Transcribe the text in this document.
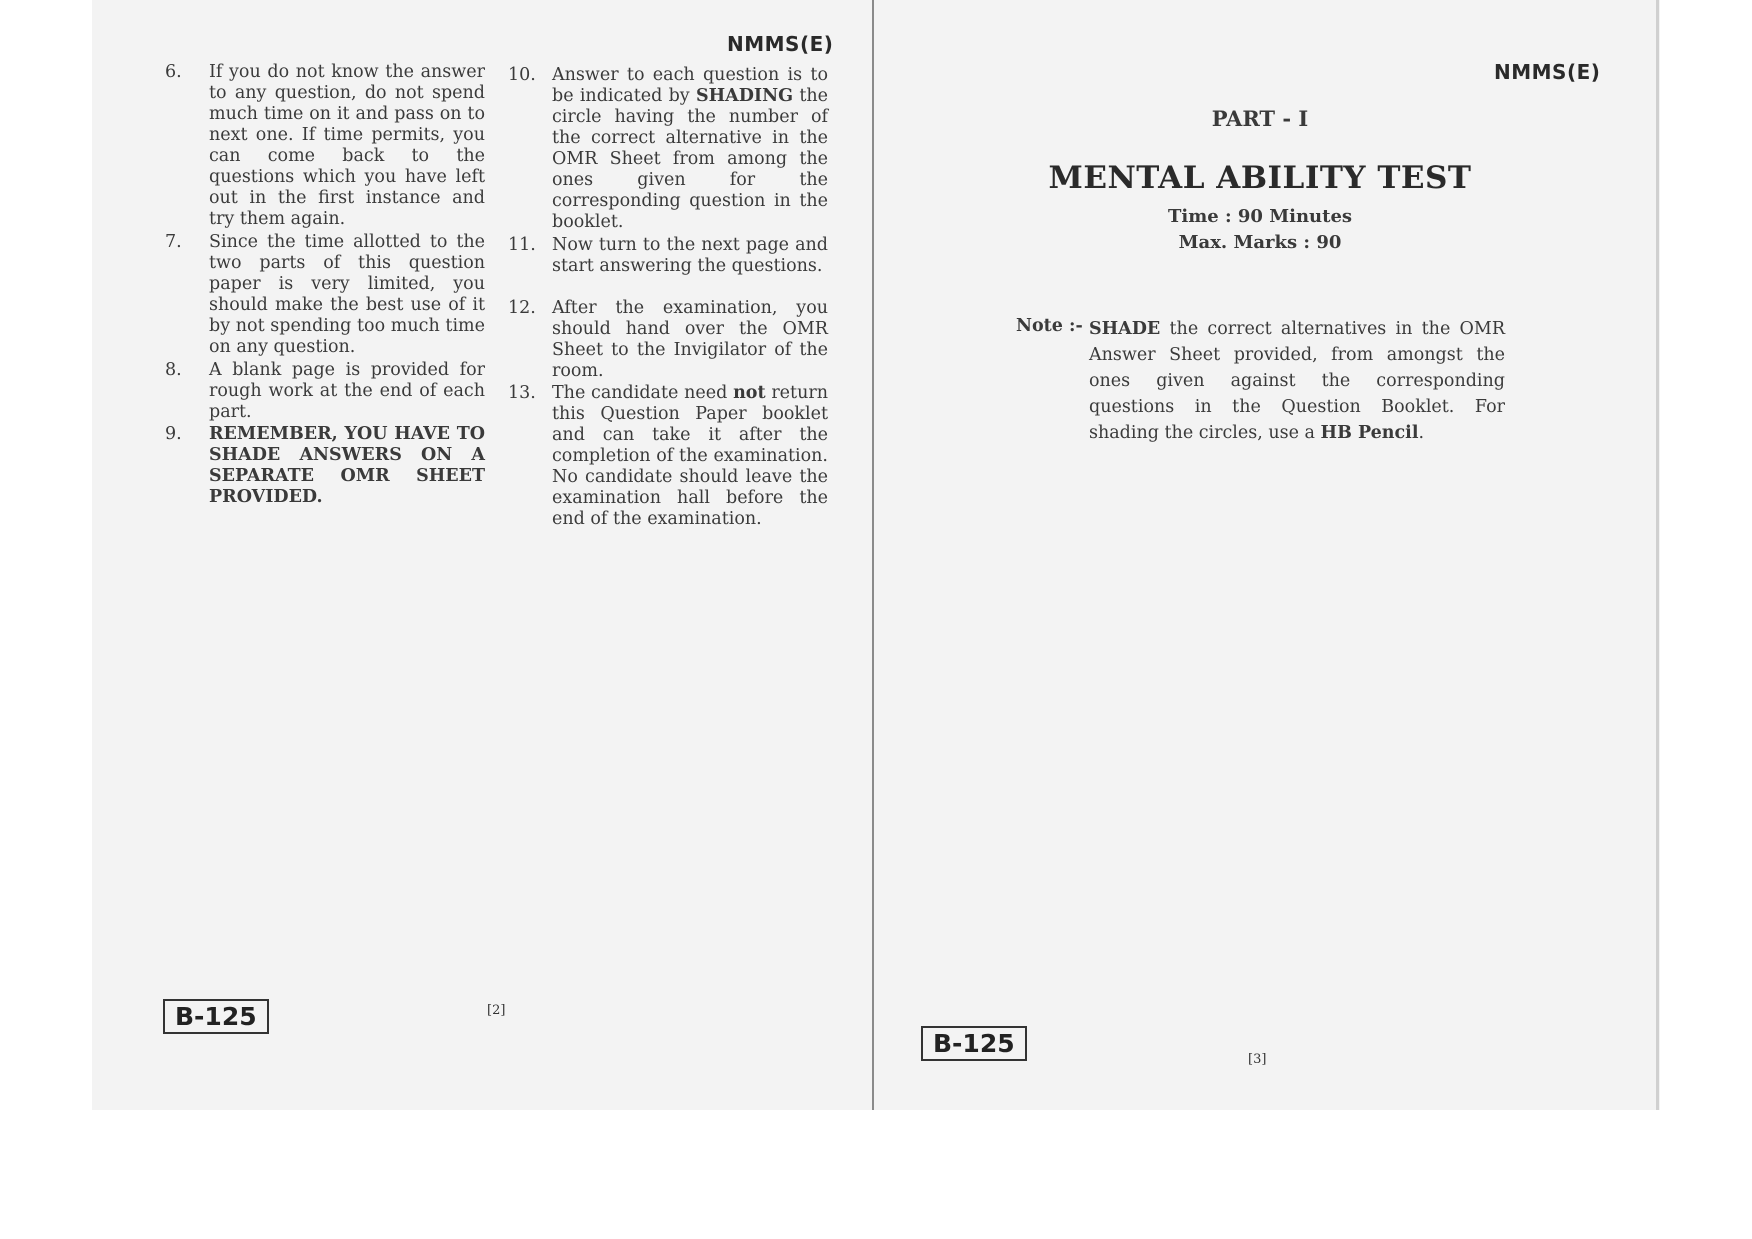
NMMS(E)
6. If you do not know the answer to any question, do not spend much time on it and pass on to next one. If time permits, you can come back to the questions which you have left out in the first instance and try them again.

7. Since the time allotted to the two parts of this question paper is very limited, you should make the best use of it by not spending too much time on any question.

8. A blank page is provided for rough work at the end of each part.

9. REMEMBER, YOU HAVE TO SHADE ANSWERS ON A SEPARATE OMR SHEET PROVIDED.

10. Answer to each question is to be indicated by SHADING the circle having the number of the correct alternative in the OMR Sheet from among the ones given for the corresponding question in the booklet.

11. Now turn to the next page and start answering the questions.

12. After the examination, you should hand over the OMR Sheet to the Invigilator of the room.

13. The candidate need not return this Question Paper booklet and can take it after the completion of the examination. No candidate should leave the examination hall before the end of the examination.

B-125	[2]
NMMS(E)
PART - I
MENTAL ABILITY TEST
Time : 90 Minutes
Max. Marks : 90
Note :- SHADE the correct alternatives in the OMR Answer Sheet provided, from amongst the ones given against the corresponding questions in the Question Booklet. For shading the circles, use a HB Pencil.

B-125
[3]
